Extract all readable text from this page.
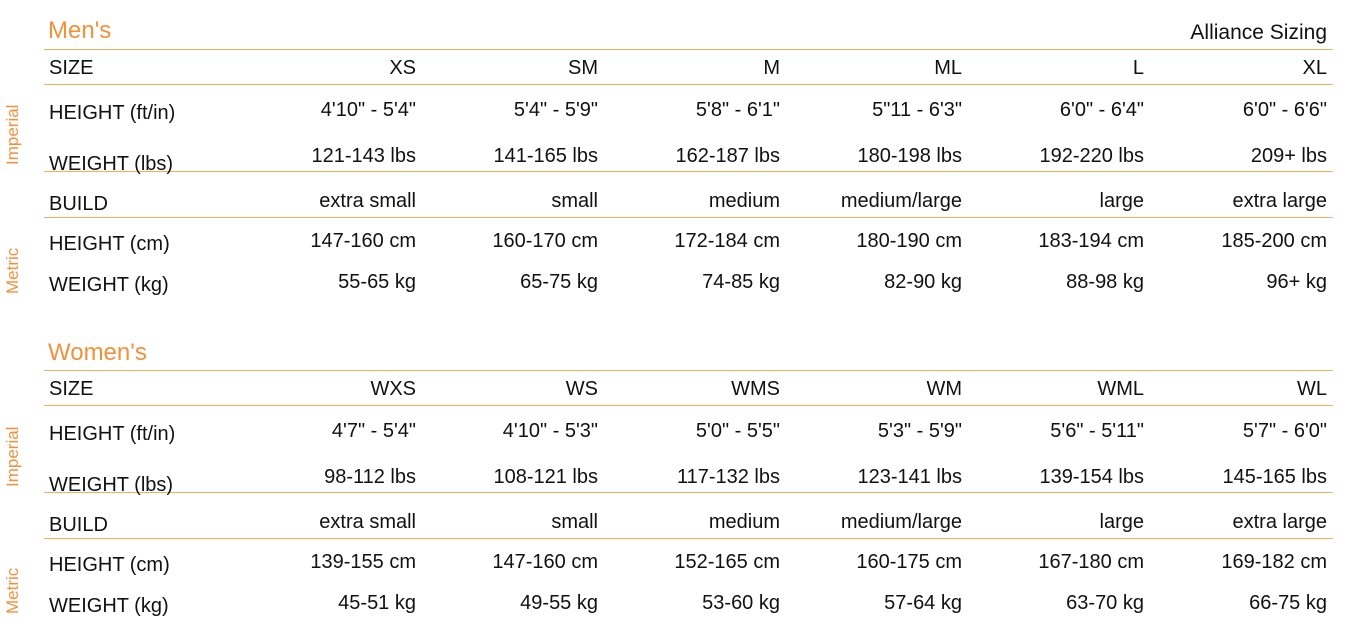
Men's	Alliance Sizing
Imperial
Metric
SIZE	XS	SM	M	ML	L	XL
HEIGHT (ft/in)	4'10" - 5'4"	5'4" - 5'9"	5'8" - 6'1"	5"11 - 6'3"	6'0" - 6'4"	6'0" - 6'6"
WEIGHT (lbs)	121-143 lbs	141-165 lbs	162-187 lbs	180-198 lbs	192-220 lbs	209+ lbs
BUILD	extra small	small	medium	medium/large	large	extra large
HEIGHT (cm)	147-160 cm	160-170 cm	172-184 cm	180-190 cm	183-194 cm	185-200 cm
WEIGHT (kg)	55-65 kg	65-75 kg	74-85 kg	82-90 kg	88-98 kg	96+ kg
Women's
Imperial
Metric
SIZE	WXS	WS	WMS	WM	WML	WL
HEIGHT (ft/in)	4'7" - 5'4"	4'10" - 5'3"	5'0" - 5'5"	5'3" - 5'9"	5'6" - 5'11"	5'7" - 6'0"
WEIGHT (lbs)	98-112 lbs	108-121 lbs	117-132 lbs	123-141 lbs	139-154 lbs	145-165 lbs
BUILD	extra small	small	medium	medium/large	large	extra large
HEIGHT (cm)	139-155 cm	147-160 cm	152-165 cm	160-175 cm	167-180 cm	169-182 cm
WEIGHT (kg)	45-51 kg	49-55 kg	53-60 kg	57-64 kg	63-70 kg	66-75 kg
